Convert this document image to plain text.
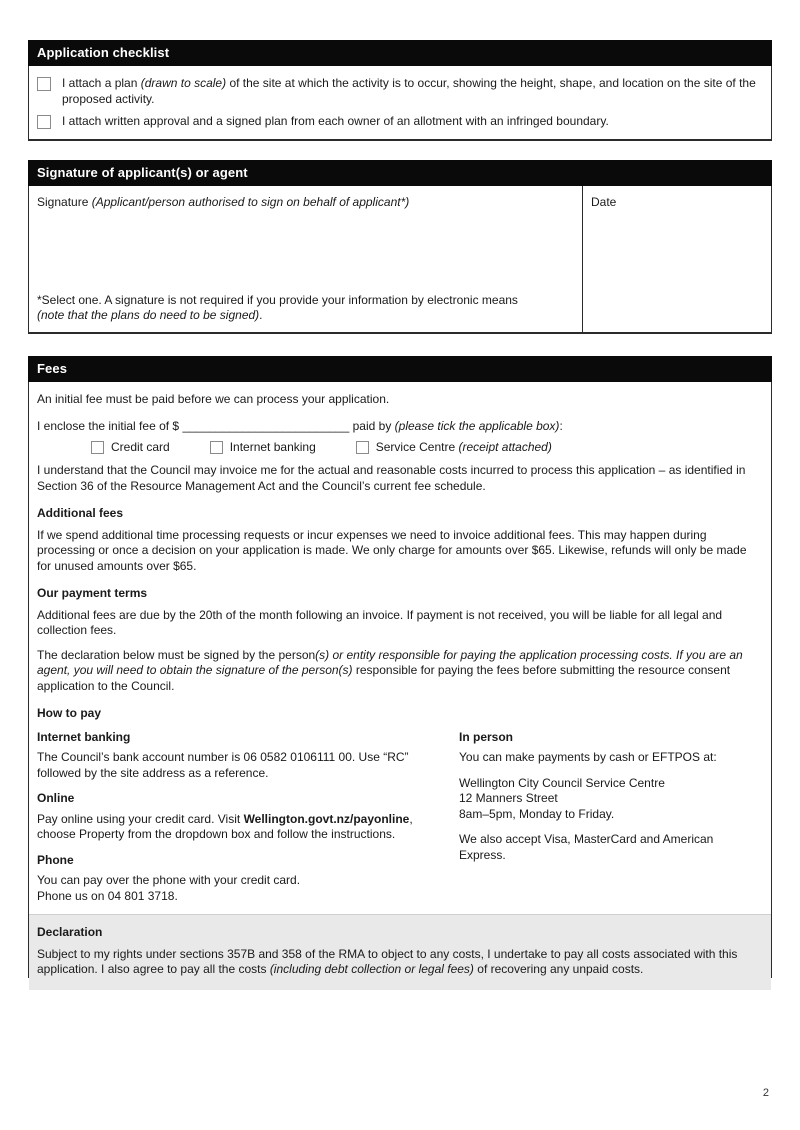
Application checklist
I attach a plan (drawn to scale) of the site at which the activity is to occur, showing the height, shape, and location on the site of the proposed activity.
I attach written approval and a signed plan from each owner of an allotment with an infringed boundary.
Signature of applicant(s) or agent

Signature (Applicant/person authorised to sign on behalf of applicant*)

*Select one. A signature is not required if you provide your information by electronic means
(note that the plans do need to be signed).

Date
Fees

An initial fee must be paid before we can process your application.

I enclose the initial fee of $ _________________________ paid by (please tick the applicable box):

Credit card	Internet banking	Service Centre (receipt attached)

I understand that the Council may invoice me for the actual and reasonable costs incurred to process this application – as identified in Section 36 of the Resource Management Act and the Council’s current fee schedule.

Additional fees

If we spend additional time processing requests or incur expenses we need to invoice additional fees. This may happen during processing or once a decision on your application is made. We only charge for amounts over $65. Likewise, refunds will only be made for unused amounts over $65.

Our payment terms

Additional fees are due by the 20th of the month following an invoice. If payment is not received, you will be liable for all legal and collection fees.

The declaration below must be signed by the person(s) or entity responsible for paying the application processing costs. If you are an agent, you will need to obtain the signature of the person(s) responsible for paying the fees before submitting the resource consent application to the Council.

How to pay
Internet banking

The Council’s bank account number is 06 0582 0106111 00. Use “RC” followed by the site address as a reference.

Online

Pay online using your credit card. Visit Wellington.govt.nz/payonline, choose Property from the dropdown box and follow the instructions.

Phone

You can pay over the phone with your credit card.
Phone us on 04 801 3718.

In person

You can make payments by cash or EFTPOS at:

Wellington City Council Service Centre
12 Manners Street
8am–5pm, Monday to Friday.

We also accept Visa, MasterCard and American Express.

Declaration

Subject to my rights under sections 357B and 358 of the RMA to object to any costs, I undertake to pay all costs associated with this application. I also agree to pay all the costs (including debt collection or legal fees) of recovering any unpaid costs.

2
